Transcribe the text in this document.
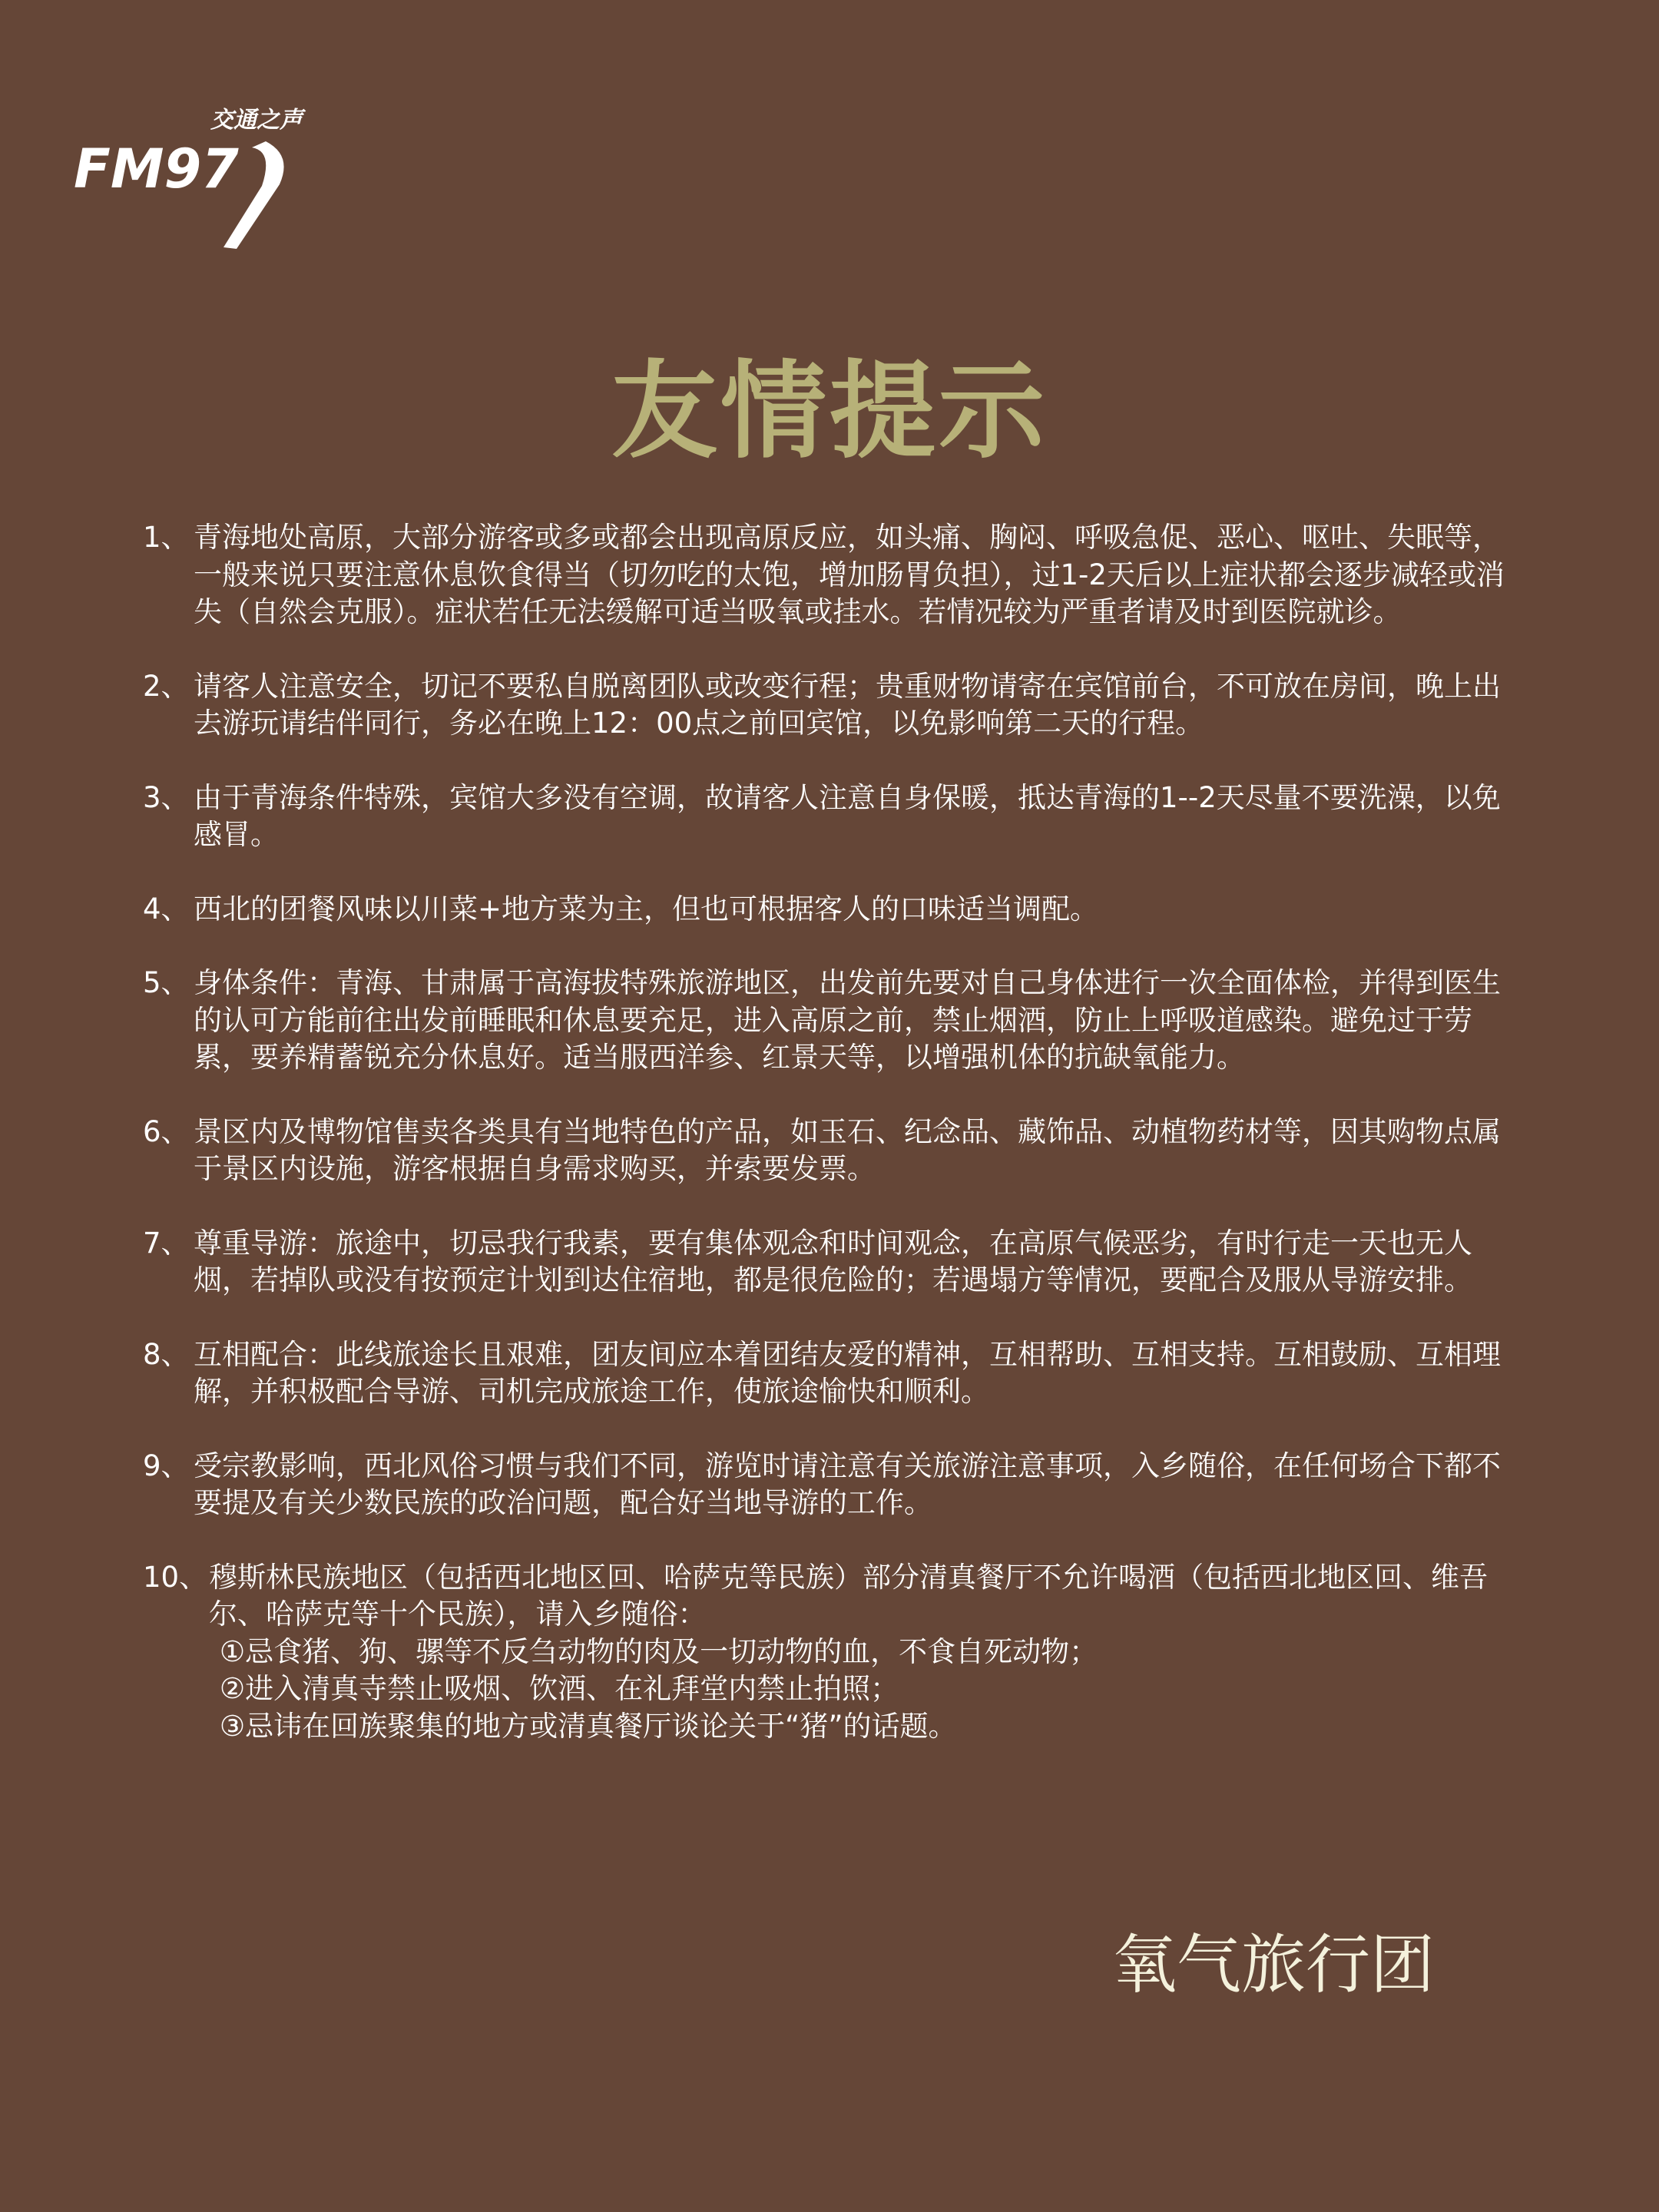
交通之声
FM97
友情提示
1、 青海地处高原，大部分游客或多或都会出现高原反应，如头痛、胸闷、呼吸急促、恶心、呕吐、失眠等，一般来说只要注意休息饮食得当（切勿吃的太饱，增加肠胃负担），过1-2天后以上症状都会逐步减轻或消失（自然会克服）。症状若任无法缓解可适当吸氧或挂水。若情况较为严重者请及时到医院就诊。
2、 请客人注意安全，切记不要私自脱离团队或改变行程；贵重财物请寄在宾馆前台，不可放在房间，晚上出去游玩请结伴同行，务必在晚上12：00点之前回宾馆，以免影响第二天的行程。
3、 由于青海条件特殊，宾馆大多没有空调，故请客人注意自身保暖，抵达青海的1--2天尽量不要洗澡，以免感冒。
4、 西北的团餐风味以川菜+地方菜为主，但也可根据客人的口味适当调配。
5、 身体条件：青海、甘肃属于高海拔特殊旅游地区，出发前先要对自己身体进行一次全面体检，并得到医生的认可方能前往出发前睡眠和休息要充足，进入高原之前，禁止烟酒，防止上呼吸道感染。避免过于劳累，要养精蓄锐充分休息好。适当服西洋参、红景天等，以增强机体的抗缺氧能力。
6、 景区内及博物馆售卖各类具有当地特色的产品，如玉石、纪念品、藏饰品、动植物药材等，因其购物点属于景区内设施，游客根据自身需求购买，并索要发票。
7、 尊重导游：旅途中，切忌我行我素，要有集体观念和时间观念，在高原气候恶劣，有时行走一天也无人烟，若掉队或没有按预定计划到达住宿地，都是很危险的；若遇塌方等情况，要配合及服从导游安排。
8、 互相配合：此线旅途长且艰难，团友间应本着团结友爱的精神，互相帮助、互相支持。互相鼓励、互相理解，并积极配合导游、司机完成旅途工作，使旅途愉快和顺利。
9、 受宗教影响，西北风俗习惯与我们不同，游览时请注意有关旅游注意事项，入乡随俗，在任何场合下都不要提及有关少数民族的政治问题，配合好当地导游的工作。
10、 穆斯林民族地区（包括西北地区回、哈萨克等民族）部分清真餐厅不允许喝酒（包括西北地区回、维吾尔、哈萨克等十个民族），请入乡随俗：
①忌食猪、狗、骡等不反刍动物的肉及一切动物的血，不食自死动物；
②进入清真寺禁止吸烟、饮酒、在礼拜堂内禁止拍照；
③忌讳在回族聚集的地方或清真餐厅谈论关于“猪”的话题。

氧气旅行团
